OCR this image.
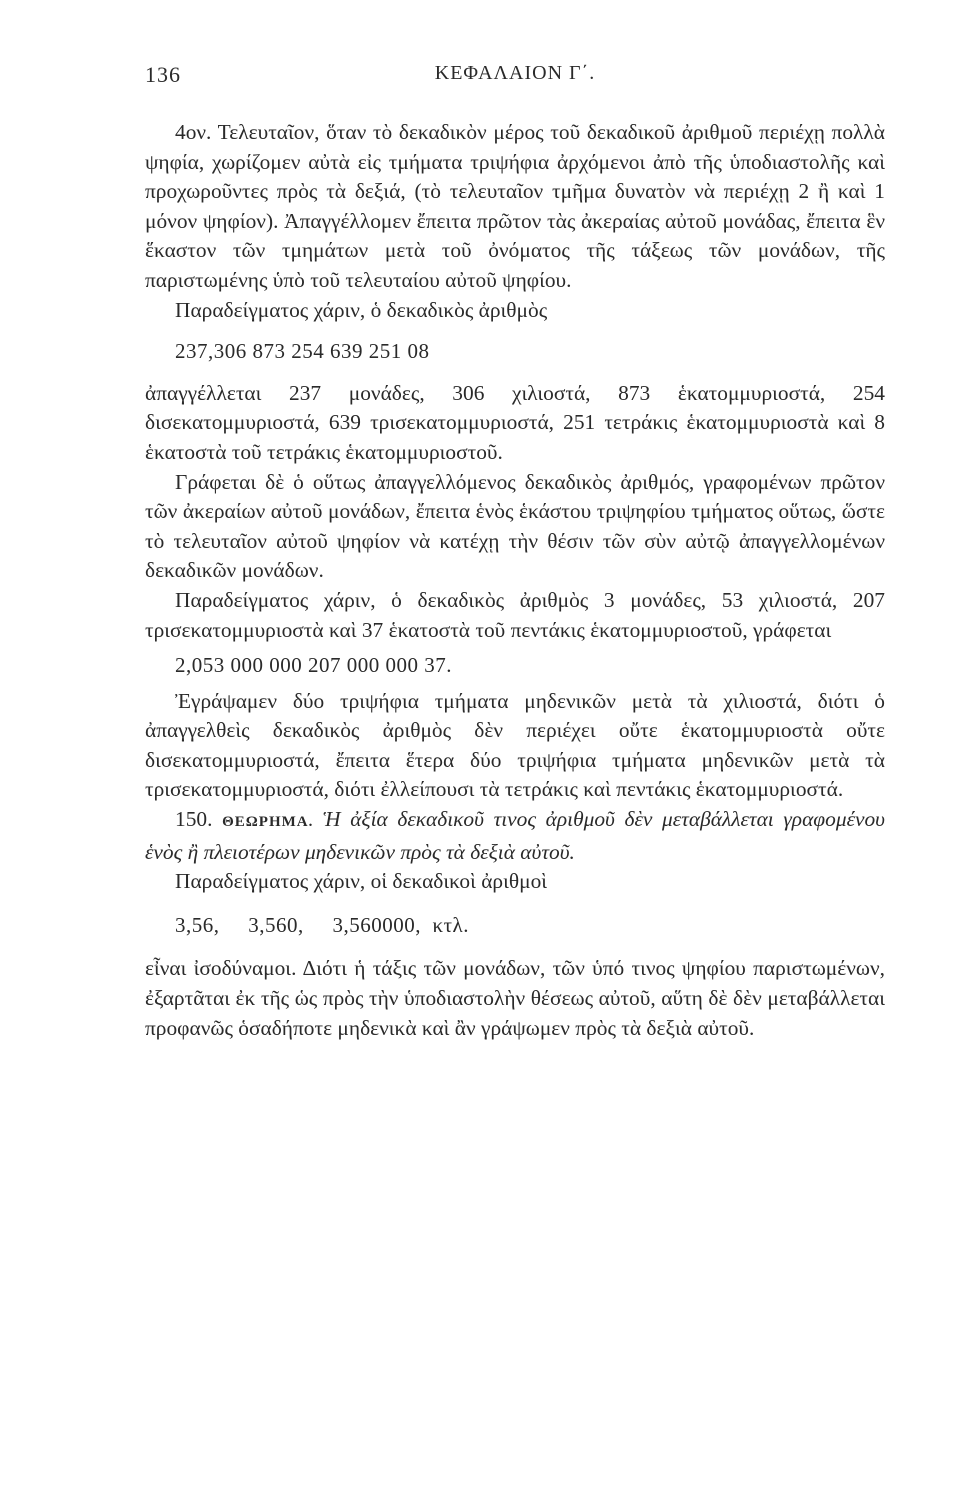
136	ΚΕΦΑΛΑΙΟΝ Γ΄.

4ον. Τελευταῖον, ὅταν τὸ δεκαδικὸν μέρος τοῦ δεκαδικοῦ ἀριθμοῦ περιέχῃ πολλὰ ψηφία, χωρίζομεν αὐτὰ εἰς τμήματα τριψήφια ἀρχόμενοι ἀπὸ τῆς ὑποδιαστολῆς καὶ προχωροῦντες πρὸς τὰ δεξιά, (τὸ τελευταῖον τμῆμα δυνατὸν νὰ περιέχῃ 2 ἢ καὶ 1 μόνον ψηφίον). Ἀπαγγέλλομεν ἔπειτα πρῶτον τὰς ἀκεραίας αὐτοῦ μονάδας, ἔπειτα ἓν ἕκαστον τῶν τμημάτων μετὰ τοῦ ὀνόματος τῆς τάξεως τῶν μονάδων, τῆς παριστωμένης ὑπὸ τοῦ τελευταίου αὐτοῦ ψηφίου.

Παραδείγματος χάριν, ὁ δεκαδικὸς ἀριθμὸς

237,306 873 254 639 251 08

ἀπαγγέλλεται 237 μονάδες, 306 χιλιοστά, 873 ἑκατομμυριοστά, 254 δισεκατομμυριοστά, 639 τρισεκατομμυριοστά, 251 τετράκις ἑκατομμυριοστὰ καὶ 8 ἑκατοστὰ τοῦ τετράκις ἑκατομμυριοστοῦ.

Γράφεται δὲ ὁ οὕτως ἀπαγγελλόμενος δεκαδικὸς ἀριθμός, γραφομένων πρῶτον τῶν ἀκεραίων αὐτοῦ μονάδων, ἔπειτα ἑνὸς ἑκάστου τριψηφίου τμήματος οὕτως, ὥστε τὸ τελευταῖον αὐτοῦ ψηφίον νὰ κατέχῃ τὴν θέσιν τῶν σὺν αὐτῷ ἀπαγγελλομένων δεκαδικῶν μονάδων.

Παραδείγματος χάριν, ὁ δεκαδικὸς ἀριθμὸς 3 μονάδες, 53 χιλιοστά, 207 τρισεκατομμυριοστὰ καὶ 37 ἑκατοστὰ τοῦ πεντάκις ἑκατομμυριοστοῦ, γράφεται

2,053 000 000 207 000 000 37.

Ἐγράψαμεν δύο τριψήφια τμήματα μηδενικῶν μετὰ τὰ χιλιοστά, διότι ὁ ἀπαγγελθεὶς δεκαδικὸς ἀριθμὸς δὲν περιέχει οὔτε ἑκατομμυριοστὰ οὔτε δισεκατομμυριοστά, ἔπειτα ἕτερα δύο τριψήφια τμήματα μηδενικῶν μετὰ τὰ τρισεκατομμυριοστά, διότι ἐλλείπουσι τὰ τετράκις καὶ πεντάκις ἑκατομμυριοστά.

150. ΘΕΩΡΗΜΑ. Ἡ ἀξία δεκαδικοῦ τινος ἀριθμοῦ δὲν μεταβάλλεται γραφομένου ἑνὸς ἢ πλειοτέρων μηδενικῶν πρὸς τὰ δεξιὰ αὐτοῦ.

Παραδείγματος χάριν, οἱ δεκαδικοὶ ἀριθμοὶ

3,56,     3,560,     3,560000,  κτλ.

εἶναι ἰσοδύναμοι. Διότι ἡ τάξις τῶν μονάδων, τῶν ὑπό τινος ψηφίου παριστωμένων, ἐξαρτᾶται ἐκ τῆς ὡς πρὸς τὴν ὑποδιαστολὴν θέσεως αὐτοῦ, αὕτη δὲ δὲν μεταβάλλεται προφανῶς ὁσαδήποτε μηδενικὰ καὶ ἂν γράψωμεν πρὸς τὰ δεξιὰ αὐτοῦ.
